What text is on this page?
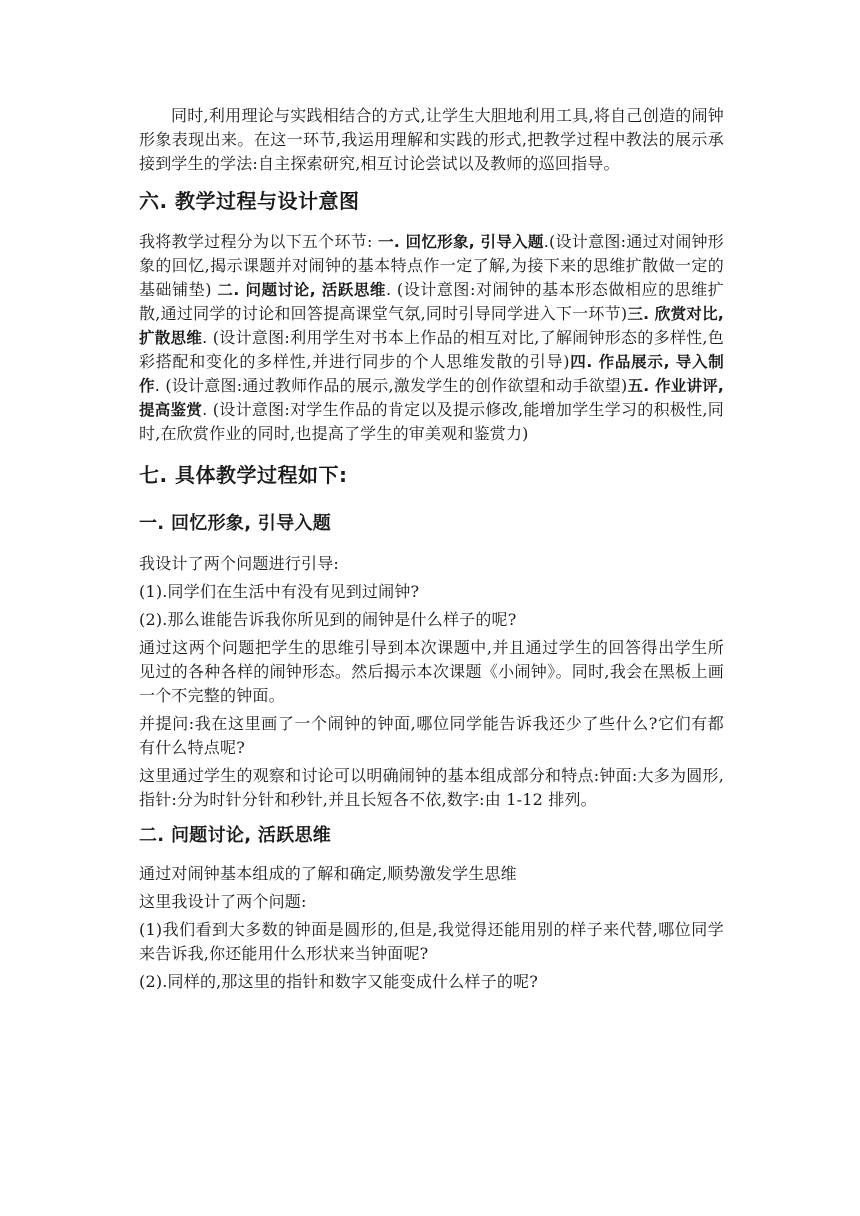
同时,利用理论与实践相结合的方式,让学生大胆地利用工具,将自己创造的闹钟形象表现出来。在这一环节,我运用理解和实践的形式,把教学过程中教法的展示承接到学生的学法:自主探索研究,相互讨论尝试以及教师的巡回指导。

六. 教学过程与设计意图

我将教学过程分为以下五个环节: 一. 回忆形象, 引导入题.(设计意图:通过对闹钟形象的回忆,揭示课题并对闹钟的基本特点作一定了解,为接下来的思维扩散做一定的基础铺垫) 二. 问题讨论, 活跃思维. (设计意图:对闹钟的基本形态做相应的思维扩散,通过同学的讨论和回答提高课堂气氛,同时引导同学进入下一环节)三. 欣赏对比, 扩散思维. (设计意图:利用学生对书本上作品的相互对比,了解闹钟形态的多样性,色彩搭配和变化的多样性,并进行同步的个人思维发散的引导)四. 作品展示, 导入制作. (设计意图:通过教师作品的展示,激发学生的创作欲望和动手欲望)五. 作业讲评, 提高鉴赏. (设计意图:对学生作品的肯定以及提示修改,能增加学生学习的积极性,同时,在欣赏作业的同时,也提高了学生的审美观和鉴赏力)

七. 具体教学过程如下:
一. 回忆形象, 引导入题

我设计了两个问题进行引导:

(1).同学们在生活中有没有见到过闹钟?

(2).那么谁能告诉我你所见到的闹钟是什么样子的呢?

通过这两个问题把学生的思维引导到本次课题中,并且通过学生的回答得出学生所见过的各种各样的闹钟形态。然后揭示本次课题《小闹钟》。同时,我会在黑板上画一个不完整的钟面。

并提问:我在这里画了一个闹钟的钟面,哪位同学能告诉我还少了些什么?它们有都有什么特点呢?

这里通过学生的观察和讨论可以明确闹钟的基本组成部分和特点:钟面:大多为圆形,指针:分为时针分针和秒针,并且长短各不依,数字:由 1-12 排列。

二. 问题讨论, 活跃思维

通过对闹钟基本组成的了解和确定,顺势激发学生思维

这里我设计了两个问题:

(1)我们看到大多数的钟面是圆形的,但是,我觉得还能用别的样子来代替,哪位同学来告诉我,你还能用什么形状来当钟面呢?

(2).同样的,那这里的指针和数字又能变成什么样子的呢?
